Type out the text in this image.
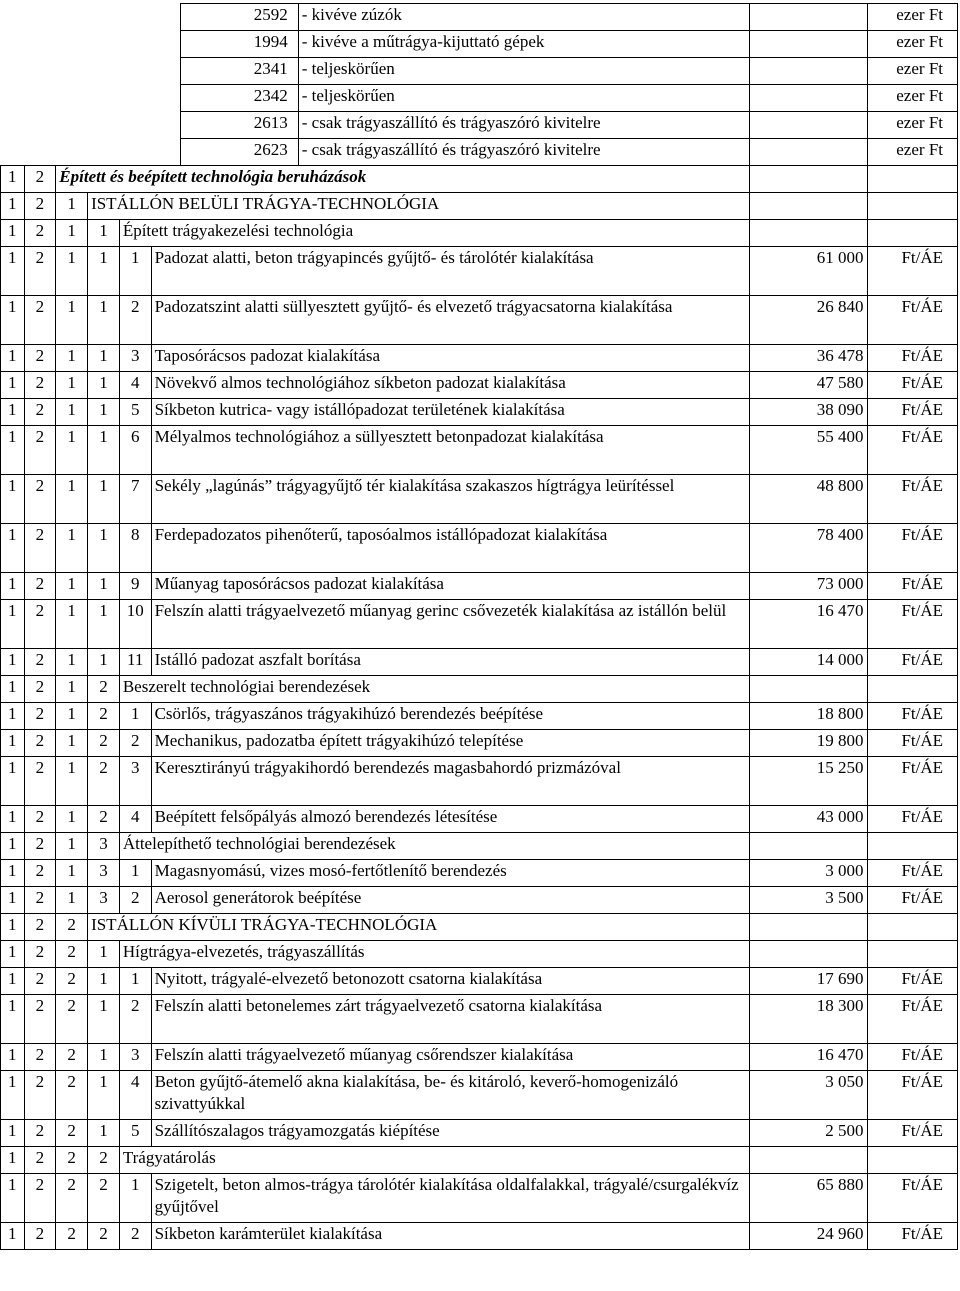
						2592	- kivéve zúzók		ezer Ft
						1994	- kivéve a műtrágya-kijuttató gépek		ezer Ft
						2341	- teljeskörűen		ezer Ft
						2342	- teljeskörűen		ezer Ft
						2613	- csak trágyaszállító és trágyaszóró kivitelre		ezer Ft
						2623	- csak trágyaszállító és trágyaszóró kivitelre		ezer Ft
1	2	Épített és beépített technológia beruházások							
1	2	1	ISTÁLLÓN BELÜLI TRÁGYA-TECHNOLÓGIA						
1	2	1	1	Épített trágyakezelési technológia					
1	2	1	1	1	Padozat alatti, beton trágyapincés gyűjtő- és tárolótér kialakítása			61 000	Ft/ÁE
1	2	1	1	2	Padozatszint alatti süllyesztett gyűjtő- és elvezető trágyacsatorna kialakítása			26 840	Ft/ÁE
1	2	1	1	3	Taposórácsos padozat kialakítása			36 478	Ft/ÁE
1	2	1	1	4	Növekvő almos technológiához síkbeton padozat kialakítása			47 580	Ft/ÁE
1	2	1	1	5	Síkbeton kutrica- vagy istállópadozat területének kialakítása			38 090	Ft/ÁE
1	2	1	1	6	Mélyalmos technológiához a süllyesztett betonpadozat kialakítása			55 400	Ft/ÁE
1	2	1	1	7	Sekély „lagúnás” trágyagyűjtő tér kialakítása szakaszos hígtrágya leürítéssel			48 800	Ft/ÁE
1	2	1	1	8	Ferdepadozatos pihenőterű, taposóalmos istállópadozat kialakítása			78 400	Ft/ÁE
1	2	1	1	9	Műanyag taposórácsos padozat kialakítása			73 000	Ft/ÁE
1	2	1	1	10	Felszín alatti trágyaelvezető műanyag gerinc csővezeték kialakítása az istállón belül			16 470	Ft/ÁE
1	2	1	1	11	Istálló padozat aszfalt borítása			14 000	Ft/ÁE
1	2	1	2	Beszerelt technológiai berendezések					
1	2	1	2	1	Csörlős, trágyaszános trágyakihúzó berendezés beépítése			18 800	Ft/ÁE
1	2	1	2	2	Mechanikus, padozatba épített trágyakihúzó telepítése			19 800	Ft/ÁE
1	2	1	2	3	Keresztirányú trágyakihordó berendezés magasbahordó prizmázóval			15 250	Ft/ÁE
1	2	1	2	4	Beépített felsőpályás almozó berendezés létesítése			43 000	Ft/ÁE
1	2	1	3	Áttelepíthető technológiai berendezések					
1	2	1	3	1	Magasnyomású, vizes mosó-fertőtlenítő berendezés			3 000	Ft/ÁE
1	2	1	3	2	Aerosol generátorok beépítése			3 500	Ft/ÁE
1	2	2	ISTÁLLÓN KÍVÜLI TRÁGYA-TECHNOLÓGIA						
1	2	2	1	Hígtrágya-elvezetés, trágyaszállítás					
1	2	2	1	1	Nyitott, trágyalé-elvezető betonozott csatorna kialakítása			17 690	Ft/ÁE
1	2	2	1	2	Felszín alatti betonelemes zárt trágyaelvezető csatorna kialakítása			18 300	Ft/ÁE
1	2	2	1	3	Felszín alatti trágyaelvezető műanyag csőrendszer kialakítása			16 470	Ft/ÁE
1	2	2	1	4	Beton gyűjtő-átemelő akna kialakítása, be- és kitároló, keverő-homogenizáló szivattyúkkal			3 050	Ft/ÁE
1	2	2	1	5	Szállítószalagos trágyamozgatás kiépítése			2 500	Ft/ÁE
1	2	2	2	Trágyatárolás					
1	2	2	2	1	Szigetelt, beton almos-trágya tárolótér kialakítása oldalfalakkal, trágyalé/csurgalékvíz gyűjtővel			65 880	Ft/ÁE
1	2	2	2	2	Síkbeton karámterület kialakítása			24 960	Ft/ÁE
